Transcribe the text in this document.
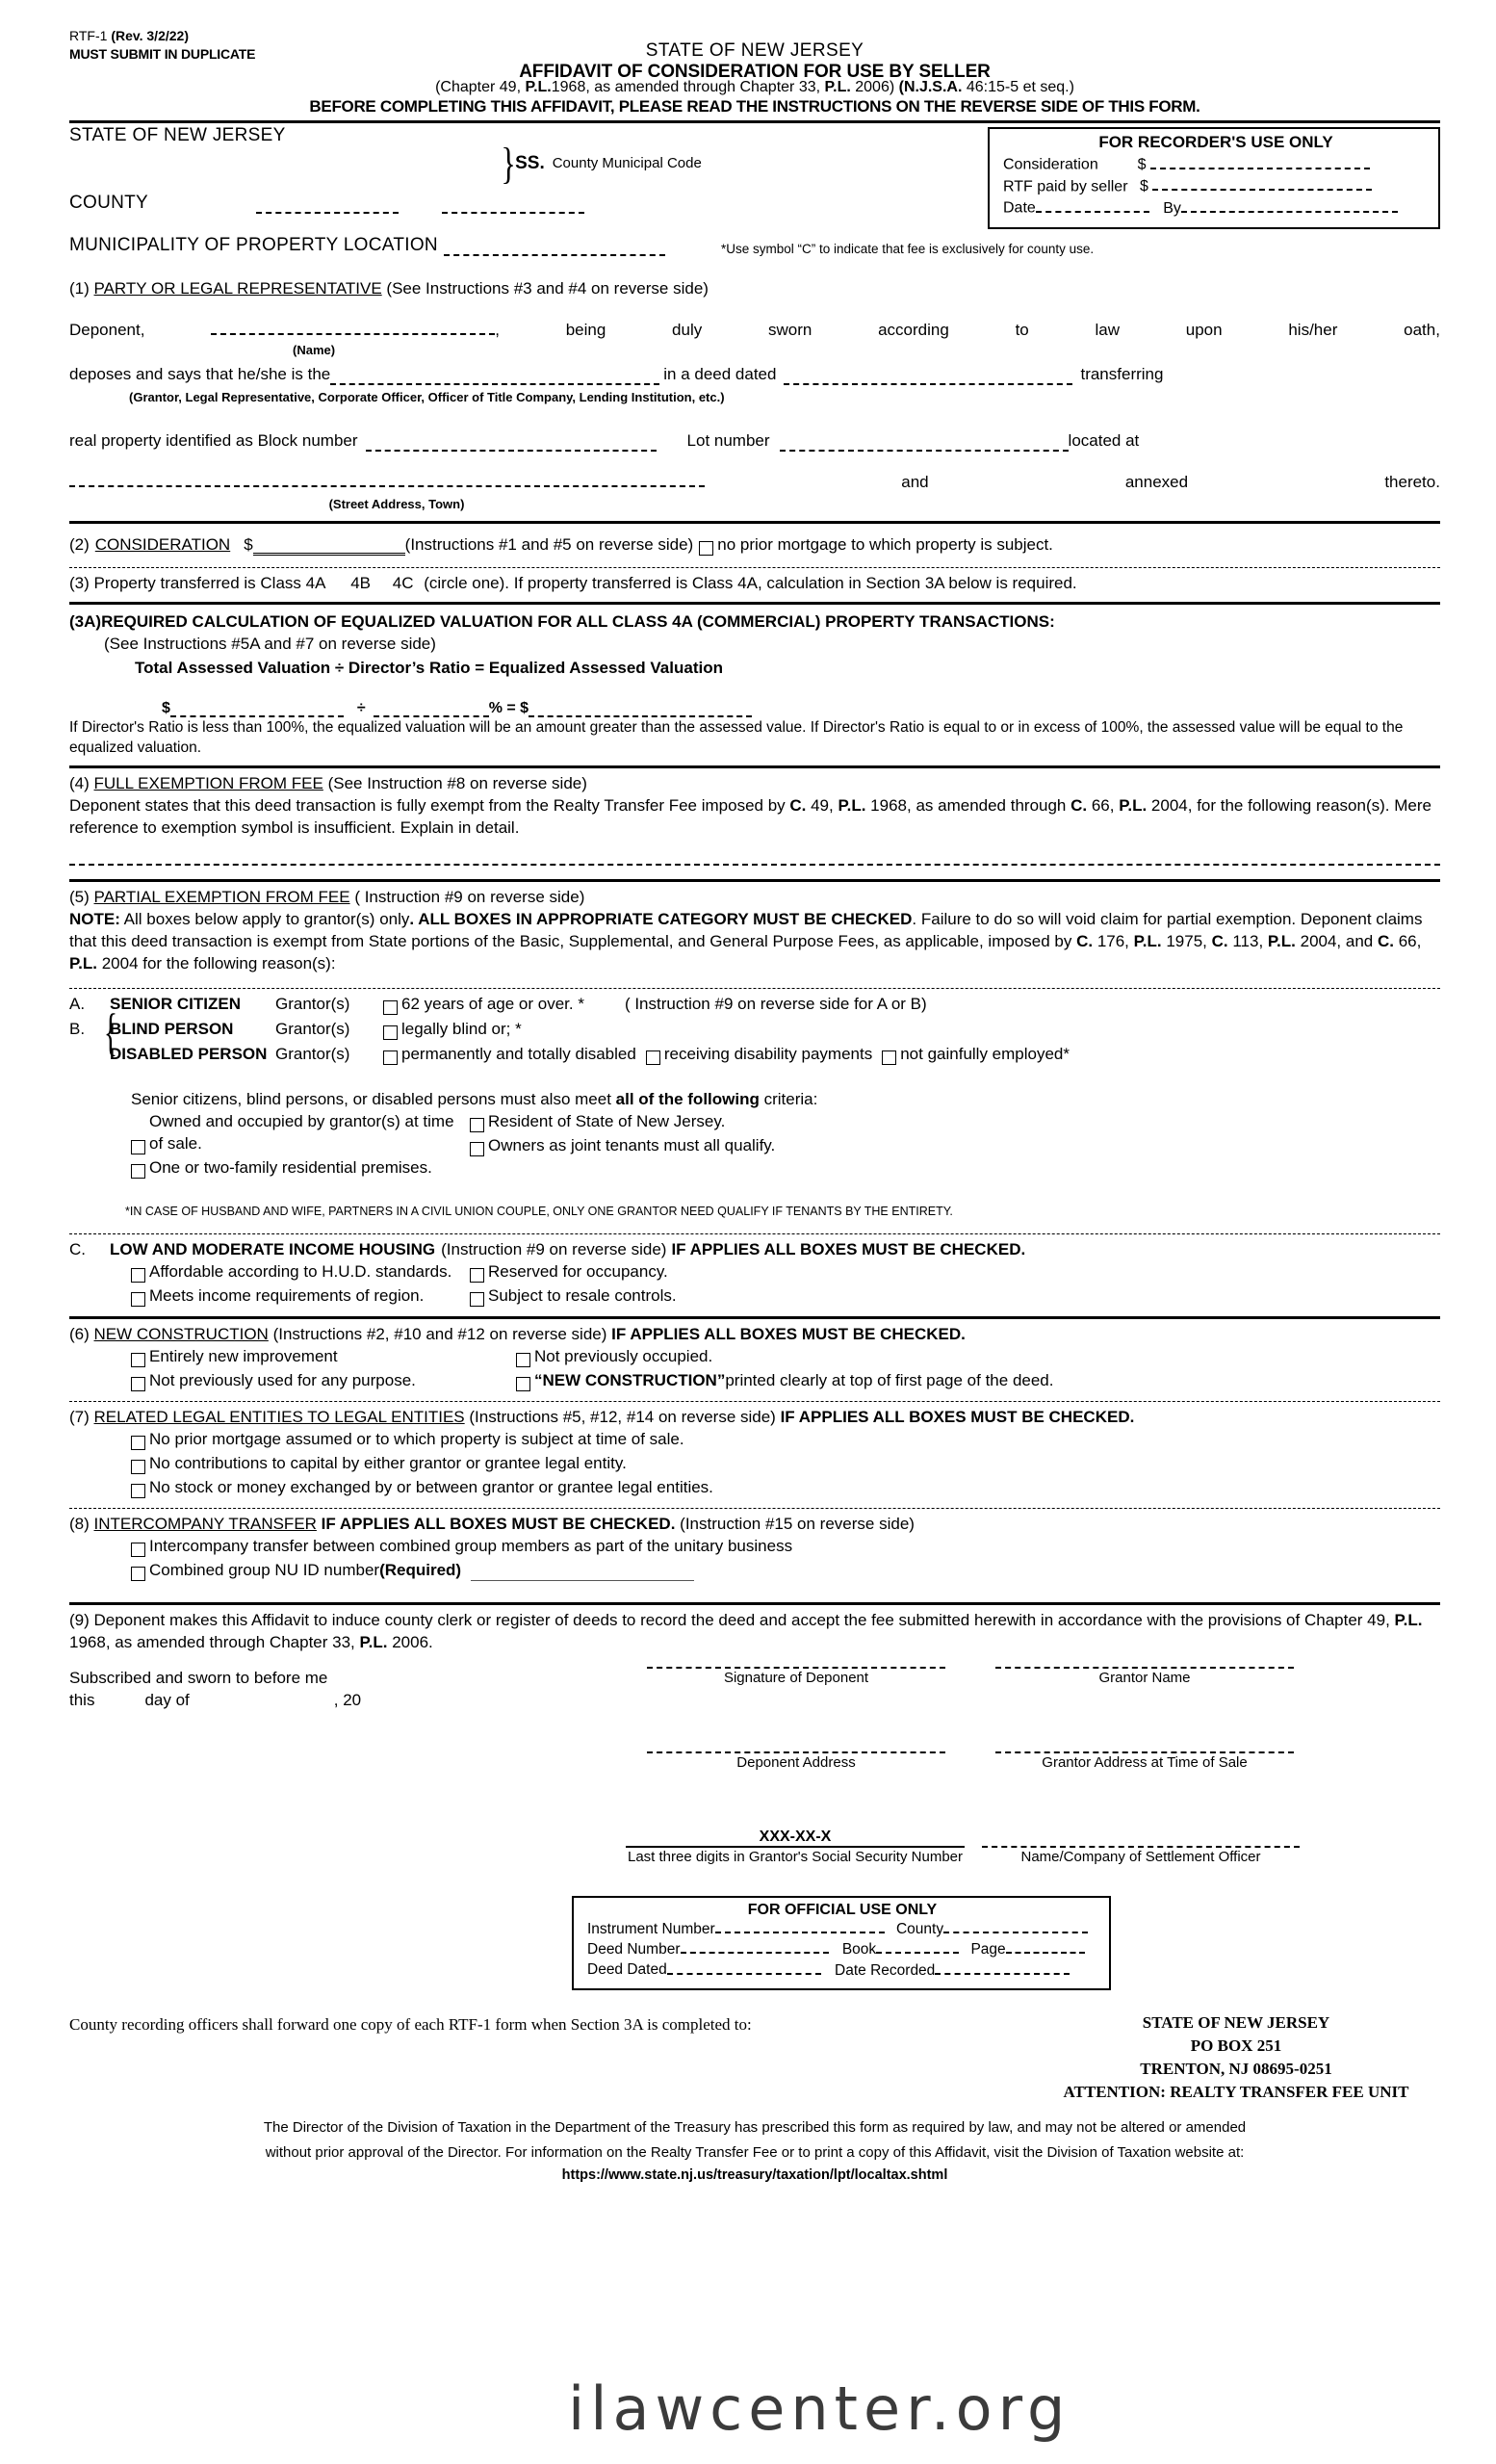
RTF-1 (Rev. 3/2/22)
MUST SUBMIT IN DUPLICATE	STATE OF NEW JERSEY
AFFIDAVIT OF CONSIDERATION FOR USE BY SELLER
(Chapter 49, P.L.1968, as amended through Chapter 33, P.L. 2006) (N.J.S.A. 46:15-5 et seq.)
BEFORE COMPLETING THIS AFFIDAVIT, PLEASE READ THE INSTRUCTIONS ON THE REVERSE SIDE OF THIS FORM.
FOR RECORDER'S USE ONLY
Consideration	$
RTF paid by seller $
Date	By
STATE OF NEW JERSEY
} SS. County Municipal Code
COUNTY
MUNICIPALITY OF PROPERTY LOCATION	*Use symbol “C” to indicate that fee is exclusively for county use.
(1) PARTY OR LEGAL REPRESENTATIVE (See Instructions #3 and #4 on reverse side)
Deponent,	,	being	duly	sworn	according	to	law	upon	his/her	oath,
(Name)
deposes and says that he/she is the	in a deed dated	transferring
(Grantor, Legal Representative, Corporate Officer, Officer of Title Company, Lending Institution, etc.)
real property identified as Block number	Lot number	located at
and	annexed	thereto.
(Street Address, Town)
(2) CONSIDERATION $	(Instructions #1 and #5 on reverse side) no prior mortgage to which property is subject.
(3) Property transferred is Class 4A 4B 4C (circle one). If property transferred is Class 4A, calculation in Section 3A below is required.
(3A)REQUIRED CALCULATION OF EQUALIZED VALUATION FOR ALL CLASS 4A (COMMERCIAL) PROPERTY TRANSACTIONS:
(See Instructions #5A and #7 on reverse side)
Total Assessed Valuation ÷ Director’s Ratio = Equalized Assessed Valuation
$	÷	% = $
If Director's Ratio is less than 100%, the equalized valuation will be an amount greater than the assessed value. If Director's Ratio is equal to or in excess of 100%, the assessed value will be equal to the equalized valuation.
(4) FULL EXEMPTION FROM FEE (See Instruction #8 on reverse side)
Deponent states that this deed transaction is fully exempt from the Realty Transfer Fee imposed by C. 49, P.L. 1968, as amended through C. 66, P.L. 2004, for the following reason(s). Mere reference to exemption symbol is insufficient. Explain in detail.
(5) PARTIAL EXEMPTION FROM FEE ( Instruction #9 on reverse side)
NOTE: All boxes below apply to grantor(s) only. ALL BOXES IN APPROPRIATE CATEGORY MUST BE CHECKED. Failure to do so will void claim for partial exemption. Deponent claims that this deed transaction is exempt from State portions of the Basic, Supplemental, and General Purpose Fees, as applicable, imposed by C. 176, P.L. 1975, C. 113, P.L. 2004, and C. 66, P.L. 2004 for the following reason(s):
A.	SENIOR CITIZEN	Grantor(s)	62 years of age or over. * ( Instruction #9 on reverse side for A or B)
B.	BLIND PERSON	Grantor(s)	legally blind or; *
DISABLED PERSON Grantor(s)	permanently and totally disabled receiving disability payments not gainfully employed*
{
Senior citizens, blind persons, or disabled persons must also meet all of the following criteria:
Owned and occupied by grantor(s) at time of sale.
One or two-family residential premises.
Resident of State of New Jersey.
Owners as joint tenants must all qualify.
*IN CASE OF HUSBAND AND WIFE, PARTNERS IN A CIVIL UNION COUPLE, ONLY ONE GRANTOR NEED QUALIFY IF TENANTS BY THE ENTIRETY.
C.	LOW AND MODERATE INCOME HOUSING (Instruction #9 on reverse side) IF APPLIES ALL BOXES MUST BE CHECKED.
Affordable according to H.U.D. standards.
Meets income requirements of region.
Reserved for occupancy.
Subject to resale controls.
(6) NEW CONSTRUCTION (Instructions #2, #10 and #12 on reverse side) IF APPLIES ALL BOXES MUST BE CHECKED.
Entirely new improvement
Not previously used for any purpose.
Not previously occupied.
“NEW CONSTRUCTION” printed clearly at top of first page of the deed.
(7) RELATED LEGAL ENTITIES TO LEGAL ENTITIES (Instructions #5, #12, #14 on reverse side) IF APPLIES ALL BOXES MUST BE CHECKED.
No prior mortgage assumed or to which property is subject at time of sale.
No contributions to capital by either grantor or grantee legal entity.
No stock or money exchanged by or between grantor or grantee legal entities.
(8) INTERCOMPANY TRANSFER IF APPLIES ALL BOXES MUST BE CHECKED. (Instruction #15 on reverse side)
Intercompany transfer between combined group members as part of the unitary business
Combined group NU ID number (Required)
(9) Deponent makes this Affidavit to induce county clerk or register of deeds to record the deed and accept the fee submitted herewith in accordance with the provisions of Chapter 49, P.L. 1968, as amended through Chapter 33, P.L. 2006.
Subscribed and sworn to before me
this	day of	, 20
Signature of Deponent	Grantor Name
Deponent Address	Grantor Address at Time of Sale
XXX-XX-X
Last three digits in Grantor's Social Security Number	Name/Company of Settlement Officer
FOR OFFICIAL USE ONLY
Instrument Number	County
Deed Number	Book	Page
Deed Dated	Date Recorded
County recording officers shall forward one copy of each RTF-1 form when Section 3A is completed to:	STATE OF NEW JERSEY
PO BOX 251
TRENTON, NJ 08695-0251
ATTENTION: REALTY TRANSFER FEE UNIT
The Director of the Division of Taxation in the Department of the Treasury has prescribed this form as required by law, and may not be altered or amended
without prior approval of the Director. For information on the Realty Transfer Fee or to print a copy of this Affidavit, visit the Division of Taxation website at:
https://www.state.nj.us/treasury/taxation/lpt/localtax.shtml
ilawcenter.org
